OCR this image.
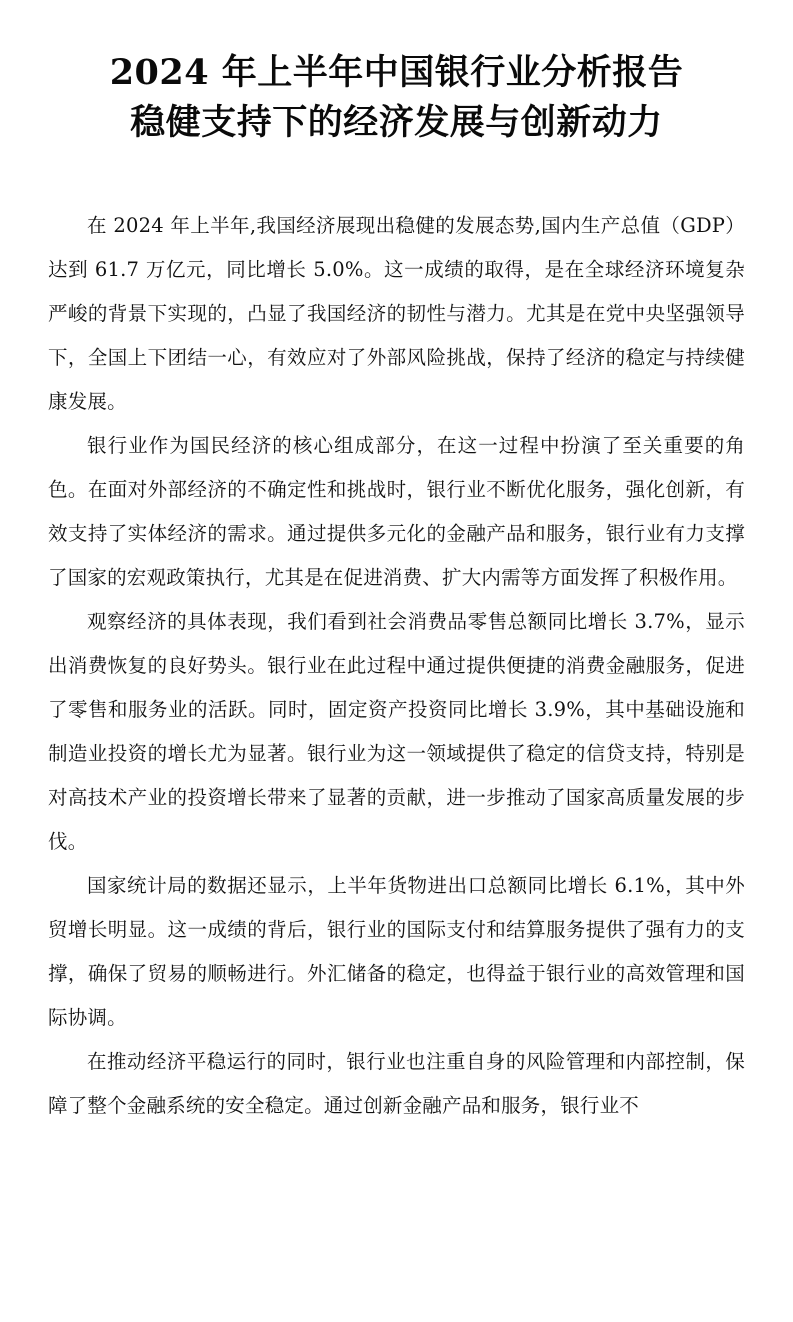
2024 年上半年中国银行业分析报告
稳健支持下的经济发展与创新动力

在 2024 年上半年,我国经济展现出稳健的发展态势,国内生产总值（GDP）达到 61.7 万亿元，同比增长 5.0%。这一成绩的取得，是在全球经济环境复杂严峻的背景下实现的，凸显了我国经济的韧性与潜力。尤其是在党中央坚强领导下，全国上下团结一心，有效应对了外部风险挑战，保持了经济的稳定与持续健康发展。

银行业作为国民经济的核心组成部分，在这一过程中扮演了至关重要的角色。在面对外部经济的不确定性和挑战时，银行业不断优化服务，强化创新，有效支持了实体经济的需求。通过提供多元化的金融产品和服务，银行业有力支撑了国家的宏观政策执行，尤其是在促进消费、扩大内需等方面发挥了积极作用。

观察经济的具体表现，我们看到社会消费品零售总额同比增长 3.7%，显示出消费恢复的良好势头。银行业在此过程中通过提供便捷的消费金融服务，促进了零售和服务业的活跃。同时，固定资产投资同比增长 3.9%，其中基础设施和制造业投资的增长尤为显著。银行业为这一领域提供了稳定的信贷支持，特别是对高技术产业的投资增长带来了显著的贡献，进一步推动了国家高质量发展的步伐。

国家统计局的数据还显示，上半年货物进出口总额同比增长 6.1%，其中外贸增长明显。这一成绩的背后，银行业的国际支付和结算服务提供了强有力的支撑，确保了贸易的顺畅进行。外汇储备的稳定，也得益于银行业的高效管理和国际协调。

在推动经济平稳运行的同时，银行业也注重自身的风险管理和内部控制，保障了整个金融系统的安全稳定。通过创新金融产品和服务，银行业不
